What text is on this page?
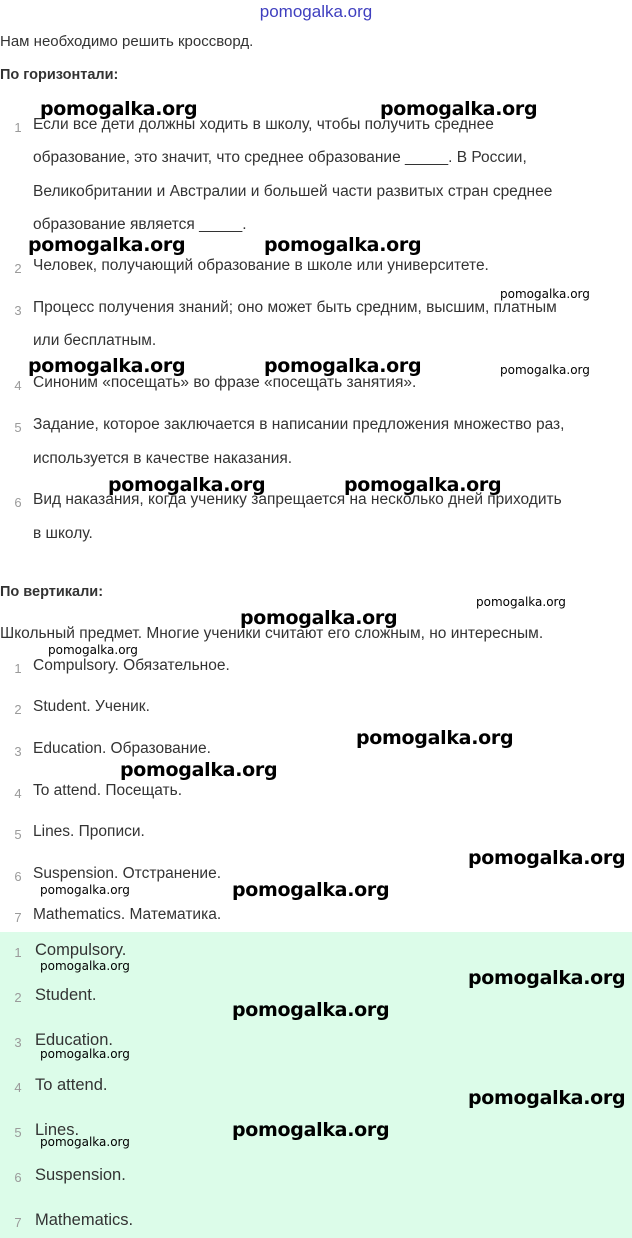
pomogalka.org
Нам необходимо решить кроссворд.
По горизонтали:
1 Если все дети должны ходить в школу, чтобы получить среднее
образование, это значит, что среднее образование _____. В России,
Великобритании и Австралии и большей части развитых стран среднее
образование является _____.
2 Человек, получающий образование в школе или университете.
3 Процесс получения знаний; оно может быть средним, высшим, платным
или бесплатным.
4 Синоним «посещать» во фразе «посещать занятия».
5 Задание, которое заключается в написании предложения множество раз,
используется в качестве наказания.
6 Вид наказания, когда ученику запрещается на несколько дней приходить
в школу.
По вертикали:
Школьный предмет. Многие ученики считают его сложным, но интересным.
1 Compulsory. Обязательное.
2 Student. Ученик.
3 Education. Образование.
4 To attend. Посещать.
5 Lines. Прописи.
6 Suspension. Отстранение.
7 Mathematics. Математика.
1 Compulsory.
2 Student.
3 Education.
4 To attend.
5 Lines.
6 Suspension.
7 Mathematics.
pomogalka.org	pomogalka.org
pomogalka.org	pomogalka.org
pomogalka.org
pomogalka.org	pomogalka.org	pomogalka.org
pomogalka.org	pomogalka.org
pomogalka.org
pomogalka.org
pomogalka.org
pomogalka.org
pomogalka.org
pomogalka.org
pomogalka.org	pomogalka.org
pomogalka.org
pomogalka.org
pomogalka.org
pomogalka.org
pomogalka.org
pomogalka.org
pomogalka.org
